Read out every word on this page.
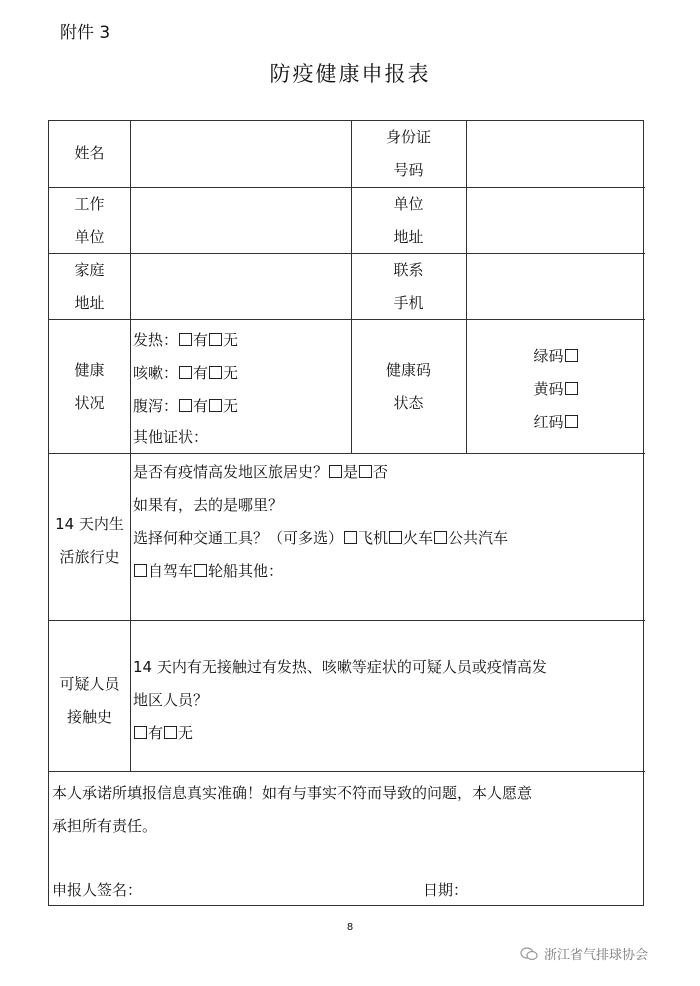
附件 3
防疫健康申报表
姓名
身份证
号码
工作
单位
单位
地址
家庭
地址
联系
手机
健康
状况
发热： 有 无
咳嗽： 有 无
腹泻： 有 无
其他证状：
健康码
状态
绿码
黄码
红码
14 天内生
活旅行史
是否有疫情高发地区旅居史？ 是 否
如果有，去的是哪里？
选择何种交通工具？（可多选） 飞机 火车 公共汽车
自驾车 轮船其他：
可疑人员
接触史
14 天内有无接触过有发热、咳嗽等症状的可疑人员或疫情高发
地区人员？
有 无
本人承诺所填报信息真实准确！如有与事实不符而导致的问题，本人愿意
承担所有责任。
申报人签名：	日期：
8
浙江省气排球协会
